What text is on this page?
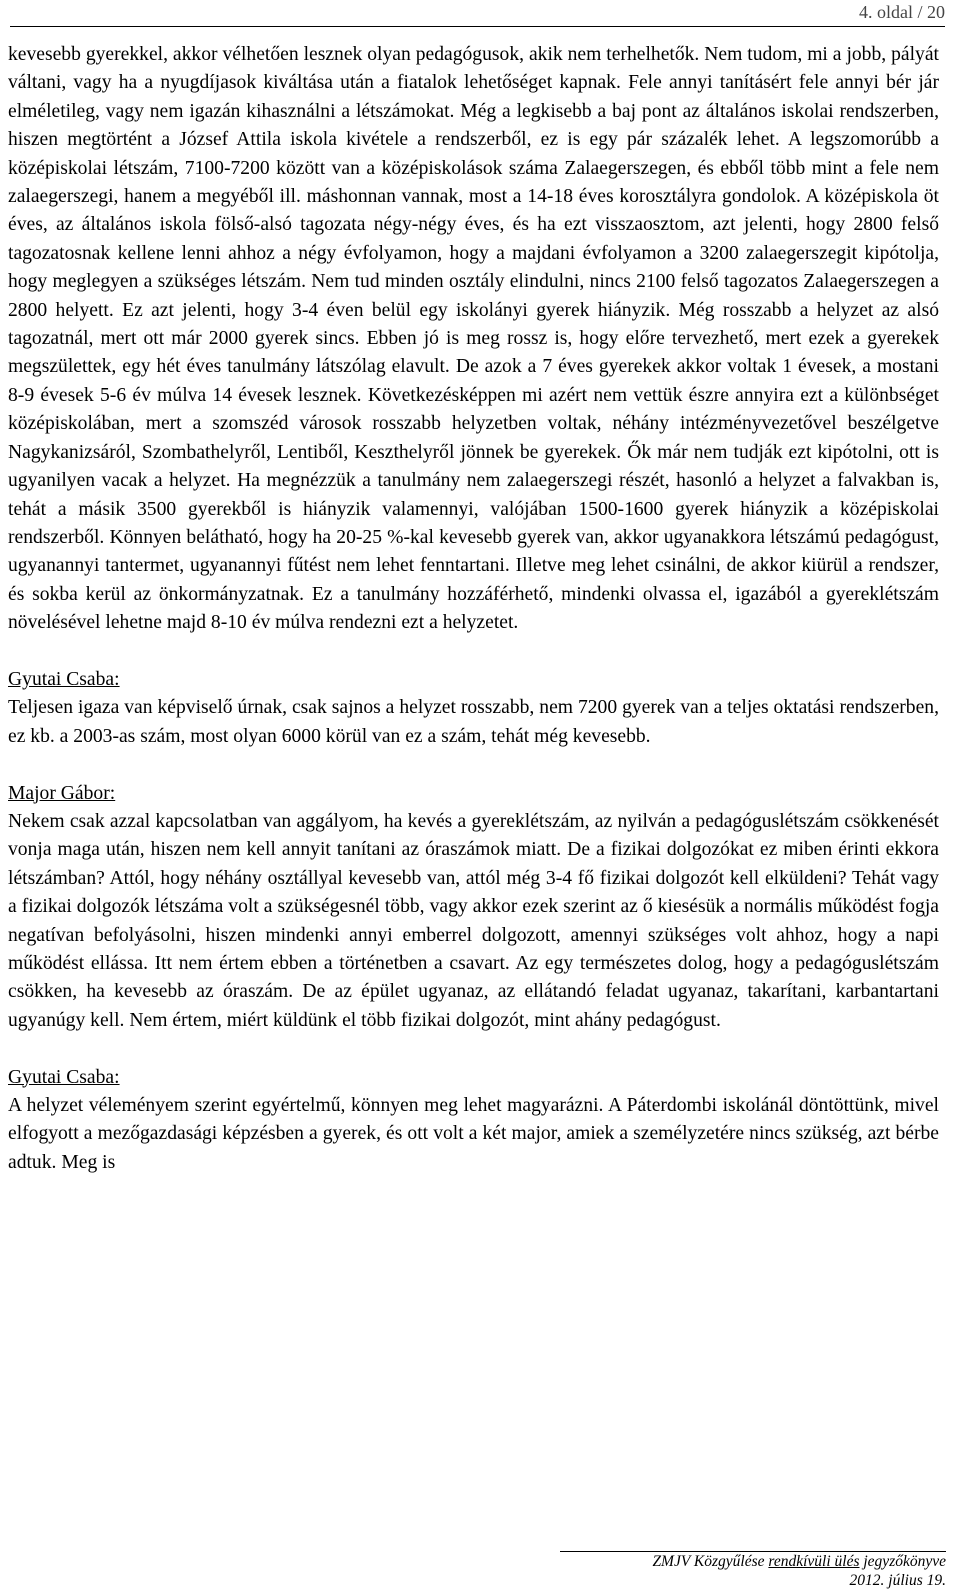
4. oldal / 20

kevesebb gyerekkel, akkor vélhetően lesznek olyan pedagógusok, akik nem terhelhetők. Nem tudom, mi a jobb, pályát váltani, vagy ha a nyugdíjasok kiváltása után a fiatalok lehetőséget kapnak. Fele annyi tanításért fele annyi bér jár elméletileg, vagy nem igazán kihasználni a létszámokat. Még a legkisebb a baj pont az általános iskolai rendszerben, hiszen megtörtént a József Attila iskola kivétele a rendszerből, ez is egy pár százalék lehet. A legszomorúbb a középiskolai létszám, 7100-7200 között van a középiskolások száma Zalaegerszegen, és ebből több mint a fele nem zalaegerszegi, hanem a megyéből ill. máshonnan vannak, most a 14-18 éves korosztályra gondolok. A középiskola öt éves, az általános iskola fölső-alsó tagozata négy-négy éves, és ha ezt visszaosztom, azt jelenti, hogy 2800 felső tagozatosnak kellene lenni ahhoz a négy évfolyamon, hogy a majdani évfolyamon a 3200 zalaegerszegit kipótolja, hogy meglegyen a szükséges létszám. Nem tud minden osztály elindulni, nincs 2100 felső tagozatos Zalaegerszegen a 2800 helyett. Ez azt jelenti, hogy 3-4 éven belül egy iskolányi gyerek hiányzik. Még rosszabb a helyzet az alsó tagozatnál, mert ott már 2000 gyerek sincs. Ebben jó is meg rossz is, hogy előre tervezhető, mert ezek a gyerekek megszülettek, egy hét éves tanulmány látszólag elavult. De azok a 7 éves gyerekek akkor voltak 1 évesek, a mostani 8-9 évesek 5-6 év múlva 14 évesek lesznek. Következésképpen mi azért nem vettük észre annyira ezt a különbséget középiskolában, mert a szomszéd városok rosszabb helyzetben voltak, néhány intézményvezetővel beszélgetve Nagykanizsáról, Szombathelyről, Lentiből, Keszthelyről jönnek be gyerekek. Ők már nem tudják ezt kipótolni, ott is ugyanilyen vacak a helyzet. Ha megnézzük a tanulmány nem zalaegerszegi részét, hasonló a helyzet a falvakban is, tehát a másik 3500 gyerekből is hiányzik valamennyi, valójában 1500-1600 gyerek hiányzik a középiskolai rendszerből. Könnyen belátható, hogy ha 20-25 %-kal kevesebb gyerek van, akkor ugyanakkora létszámú pedagógust, ugyanannyi tantermet, ugyanannyi fűtést nem lehet fenntartani. Illetve meg lehet csinálni, de akkor kiürül a rendszer, és sokba kerül az önkormányzatnak. Ez a tanulmány hozzáférhető, mindenki olvassa el, igazából a gyereklétszám növelésével lehetne majd 8-10 év múlva rendezni ezt a helyzetet.

Gyutai Csaba:

Teljesen igaza van képviselő úrnak, csak sajnos a helyzet rosszabb, nem 7200 gyerek van a teljes oktatási rendszerben, ez kb. a 2003-as szám, most olyan 6000 körül van ez a szám, tehát még kevesebb.

Major Gábor:

Nekem csak azzal kapcsolatban van aggályom, ha kevés a gyereklétszám, az nyilván a pedagóguslétszám csökkenését vonja maga után, hiszen nem kell annyit tanítani az óraszámok miatt. De a fizikai dolgozókat ez miben érinti ekkora létszámban? Attól, hogy néhány osztállyal kevesebb van, attól még 3-4 fő fizikai dolgozót kell elküldeni? Tehát vagy a fizikai dolgozók létszáma volt a szükségesnél több, vagy akkor ezek szerint az ő kiesésük a normális működést fogja negatívan befolyásolni, hiszen mindenki annyi emberrel dolgozott, amennyi szükséges volt ahhoz, hogy a napi működést ellássa. Itt nem értem ebben a történetben a csavart. Az egy természetes dolog, hogy a pedagóguslétszám csökken, ha kevesebb az óraszám. De az épület ugyanaz, az ellátandó feladat ugyanaz, takarítani, karbantartani ugyanúgy kell. Nem értem, miért küldünk el több fizikai dolgozót, mint ahány pedagógust.

Gyutai Csaba:

A helyzet véleményem szerint egyértelmű, könnyen meg lehet magyarázni. A Páterdombi iskolánál döntöttünk, mivel elfogyott a mezőgazdasági képzésben a gyerek, és ott volt a két major, amiek a személyzetére nincs szükség, azt bérbe adtuk. Meg is

ZMJV Közgyűlése rendkívüli ülés jegyzőkönyve
2012. július 19.
